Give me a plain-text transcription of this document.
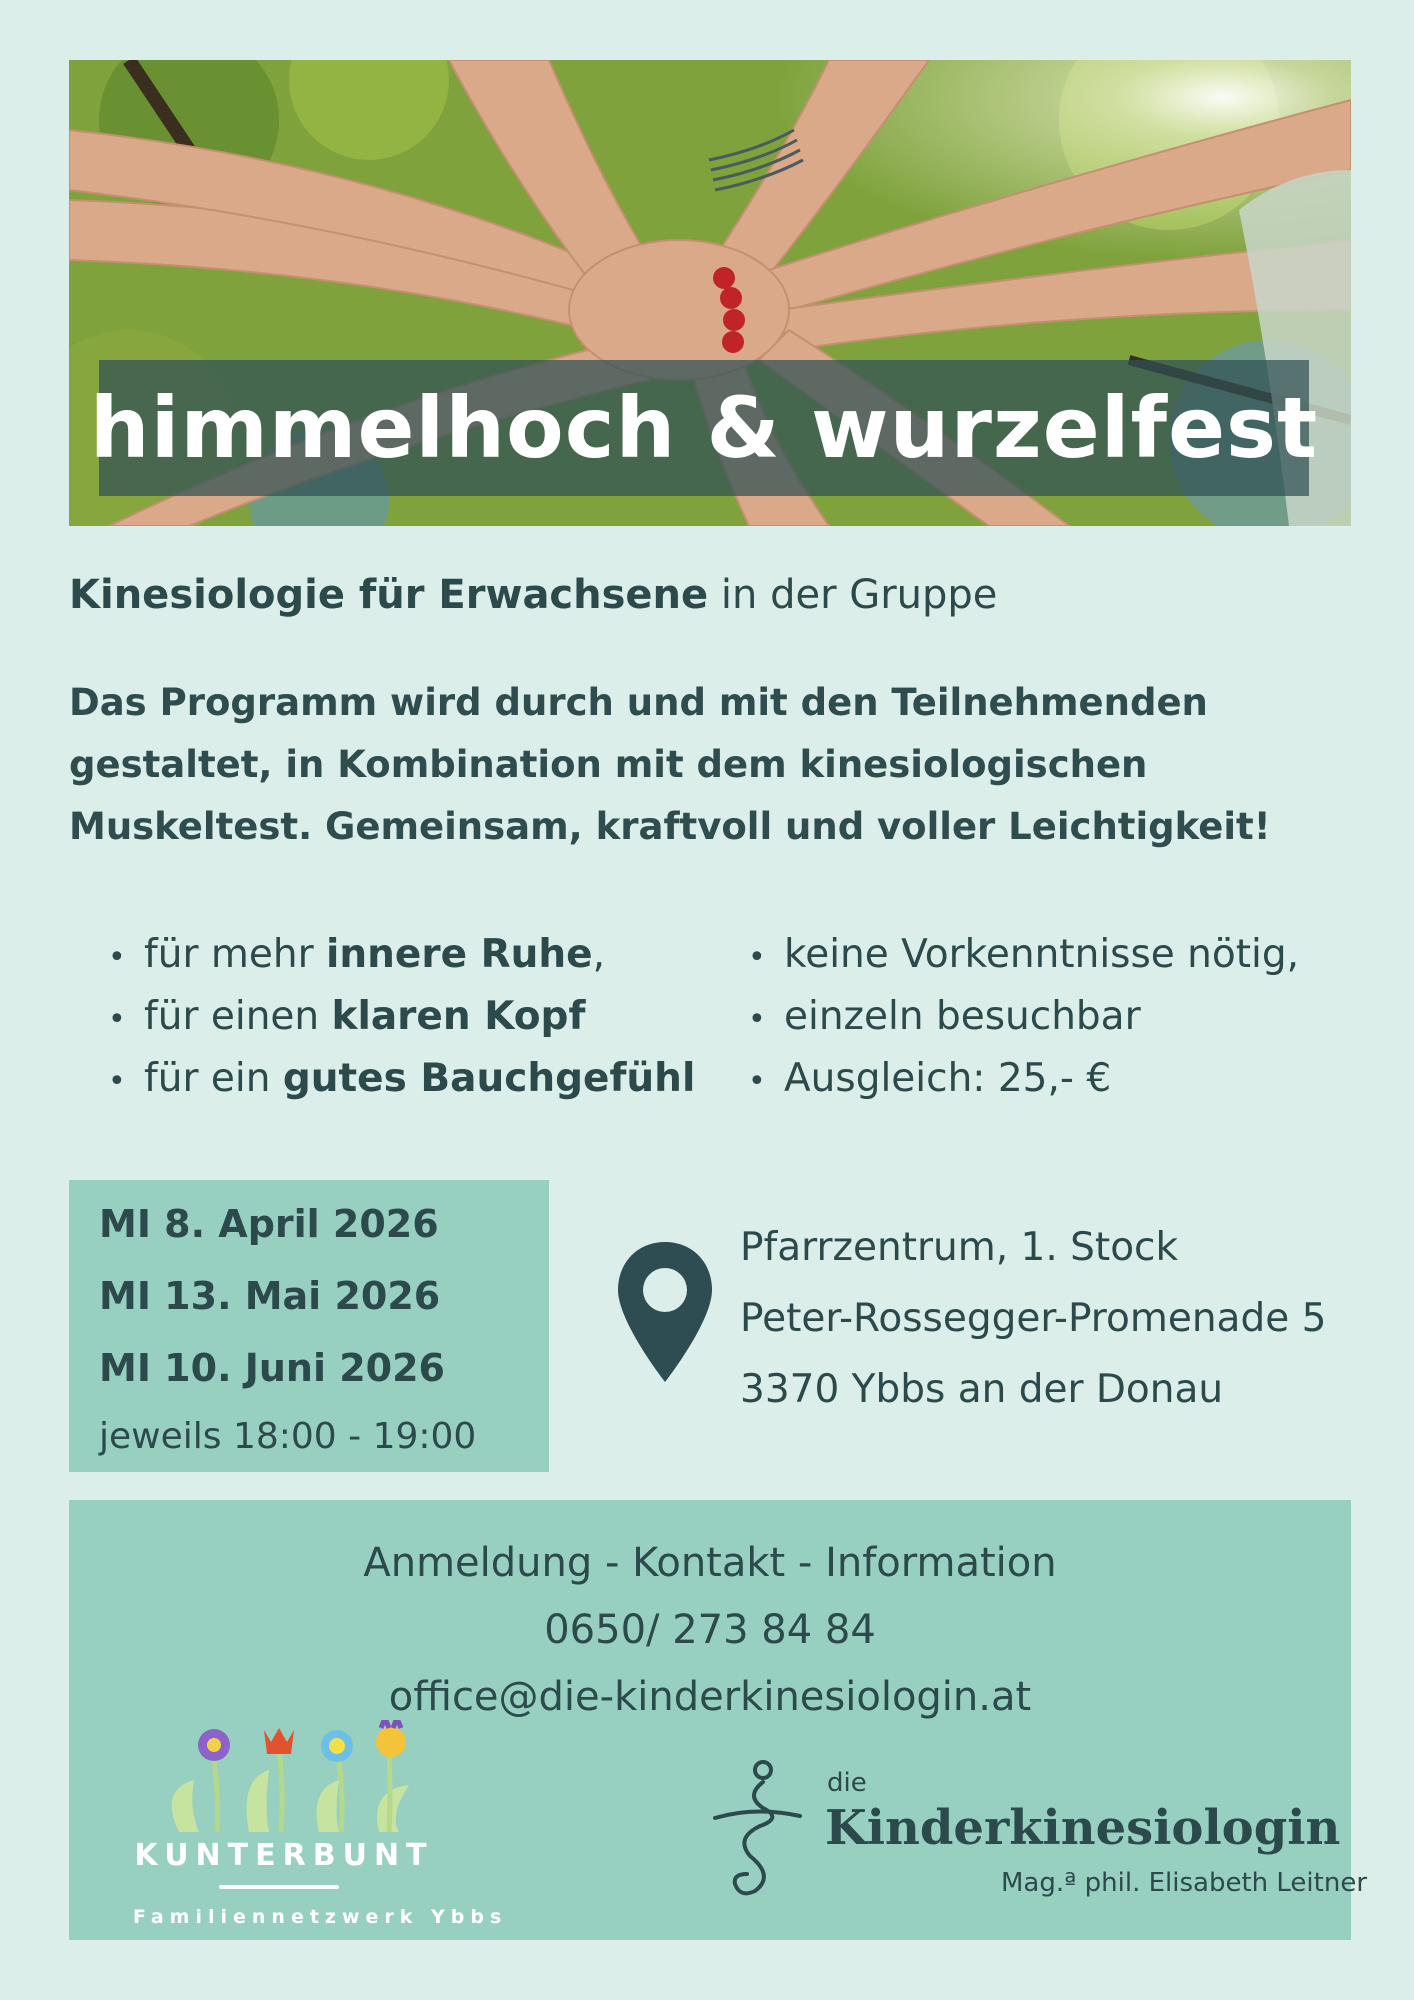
himmelhoch & wurzelfest
Kinesiologie für Erwachsene in der Gruppe
Das Programm wird durch und mit den Teilnehmenden
gestaltet, in Kombination mit dem kinesiologischen
Muskeltest. Gemeinsam, kraftvoll und voller Leichtigkeit!
• für mehr innere Ruhe,
• für einen klaren Kopf
• für ein gutes Bauchgefühl
• keine Vorkenntnisse nötig,
• einzeln besuchbar
• Ausgleich: 25,- €
MI 8. April 2026
MI 13. Mai 2026
MI 10. Juni 2026
jeweils 18:00 - 19:00
Pfarrzentrum, 1. Stock
Peter-Rossegger-Promenade 5
3370 Ybbs an der Donau
Anmeldung - Kontakt - Information
0650/ 273 84 84
office@die-kinderkinesiologin.at
KUNTERBUNT
Familiennetzwerk Ybbs
die
Kinderkinesiologin
Mag.ª phil. Elisabeth Leitner
